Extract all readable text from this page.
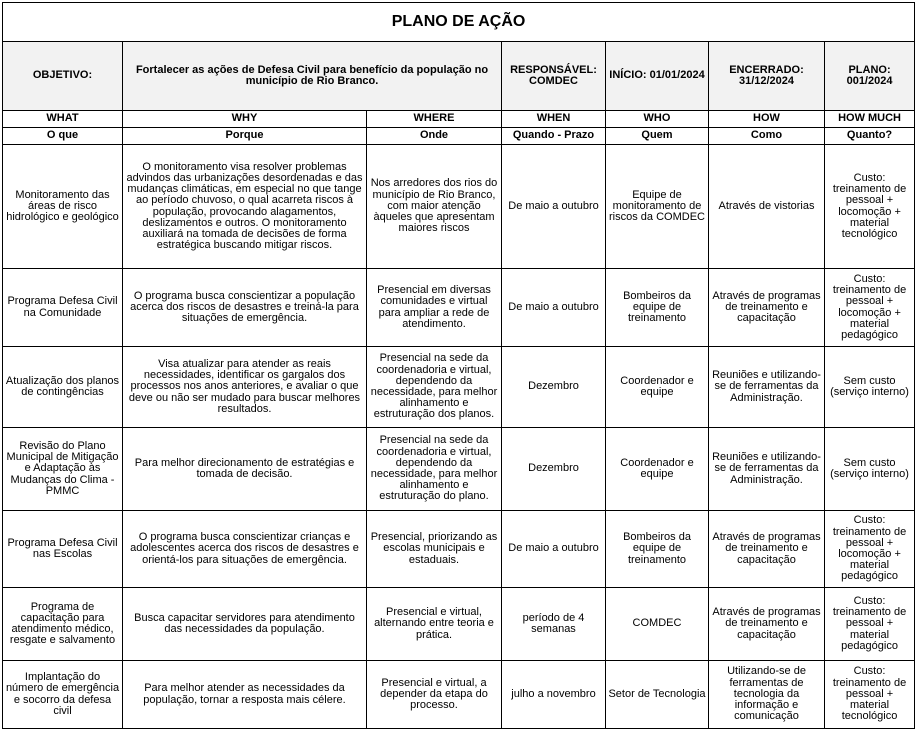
PLANO DE AÇÃO						
OBJETIVO:	Fortalecer as ações de Defesa Civil para benefício da população no município de Rio Branco.		RESPONSÁVEL: COMDEC	INÍCIO: 01/01/2024	ENCERRADO: 31/12/2024	PLANO: 001/2024
WHAT	WHY	WHERE	WHEN	WHO	HOW	HOW MUCH
O que	Porque	Onde	Quando - Prazo	Quem	Como	Quanto?
Monitoramento das áreas de risco hidrológico e geológico	O monitoramento visa resolver problemas advindos das urbanizações desordenadas e das mudanças climáticas, em especial no que tange ao período chuvoso, o qual acarreta riscos à população, provocando alagamentos, deslizamentos e outros. O monitoramento auxiliará na tomada de decisões de forma estratégica buscando mitigar riscos.	Nos arredores dos rios do município de Rio Branco, com maior atenção àqueles que apresentam maiores riscos	De maio a outubro	Equipe de monitoramento de riscos da COMDEC	Através de vistorias	Custo: treinamento de pessoal + locomoção + material tecnológico
Programa Defesa Civil na Comunidade	O programa busca conscientizar a população acerca dos riscos de desastres e treiná-la para situações de emergência.	Presencial em diversas comunidades e virtual para ampliar a rede de atendimento.	De maio a outubro	Bombeiros da equipe de treinamento	Através de programas de treinamento e capacitação	Custo: treinamento de pessoal + locomoção + material pedagógico
Atualização dos planos de contingências	Visa atualizar para atender as reais necessidades, identificar os gargalos dos processos nos anos anteriores, e avaliar o que deve ou não ser mudado para buscar melhores resultados.	Presencial na sede da coordenadoria e virtual, dependendo da necessidade, para melhor alinhamento e estruturação dos planos.	Dezembro	Coordenador e equipe	Reuniões e utilizando-se de ferramentas da Administração.	Sem custo (serviço interno)
Revisão do Plano Municipal de Mitigação e Adaptação às Mudanças do Clima - PMMC	Para melhor direcionamento de estratégias e tomada de decisão.	Presencial na sede da coordenadoria e virtual, dependendo da necessidade, para melhor alinhamento e estruturação do plano.	Dezembro	Coordenador e equipe	Reuniões e utilizando-se de ferramentas da Administração.	Sem custo (serviço interno)
Programa Defesa Civil nas Escolas	O programa busca conscientizar crianças e adolescentes acerca dos riscos de desastres e orientá-los para situações de emergência.	Presencial, priorizando as escolas municipais e estaduais.	De maio a outubro	Bombeiros da equipe de treinamento	Através de programas de treinamento e capacitação	Custo: treinamento de pessoal + locomoção + material pedagógico
Programa de capacitação para atendimento médico, resgate e salvamento	Busca capacitar servidores para atendimento das necessidades da população.	Presencial e virtual, alternando entre teoria e prática.	período de 4 semanas	COMDEC	Através de programas de treinamento e capacitação	Custo: treinamento de pessoal + material pedagógico
Implantação do número de emergência e socorro da defesa civil	Para melhor atender as necessidades da população, tornar a resposta mais célere.	Presencial e virtual, a depender da etapa do processo.	julho a novembro	Setor de Tecnologia	Utilizando-se de ferramentas de tecnologia da informação e comunicação	Custo: treinamento de pessoal + material tecnológico
